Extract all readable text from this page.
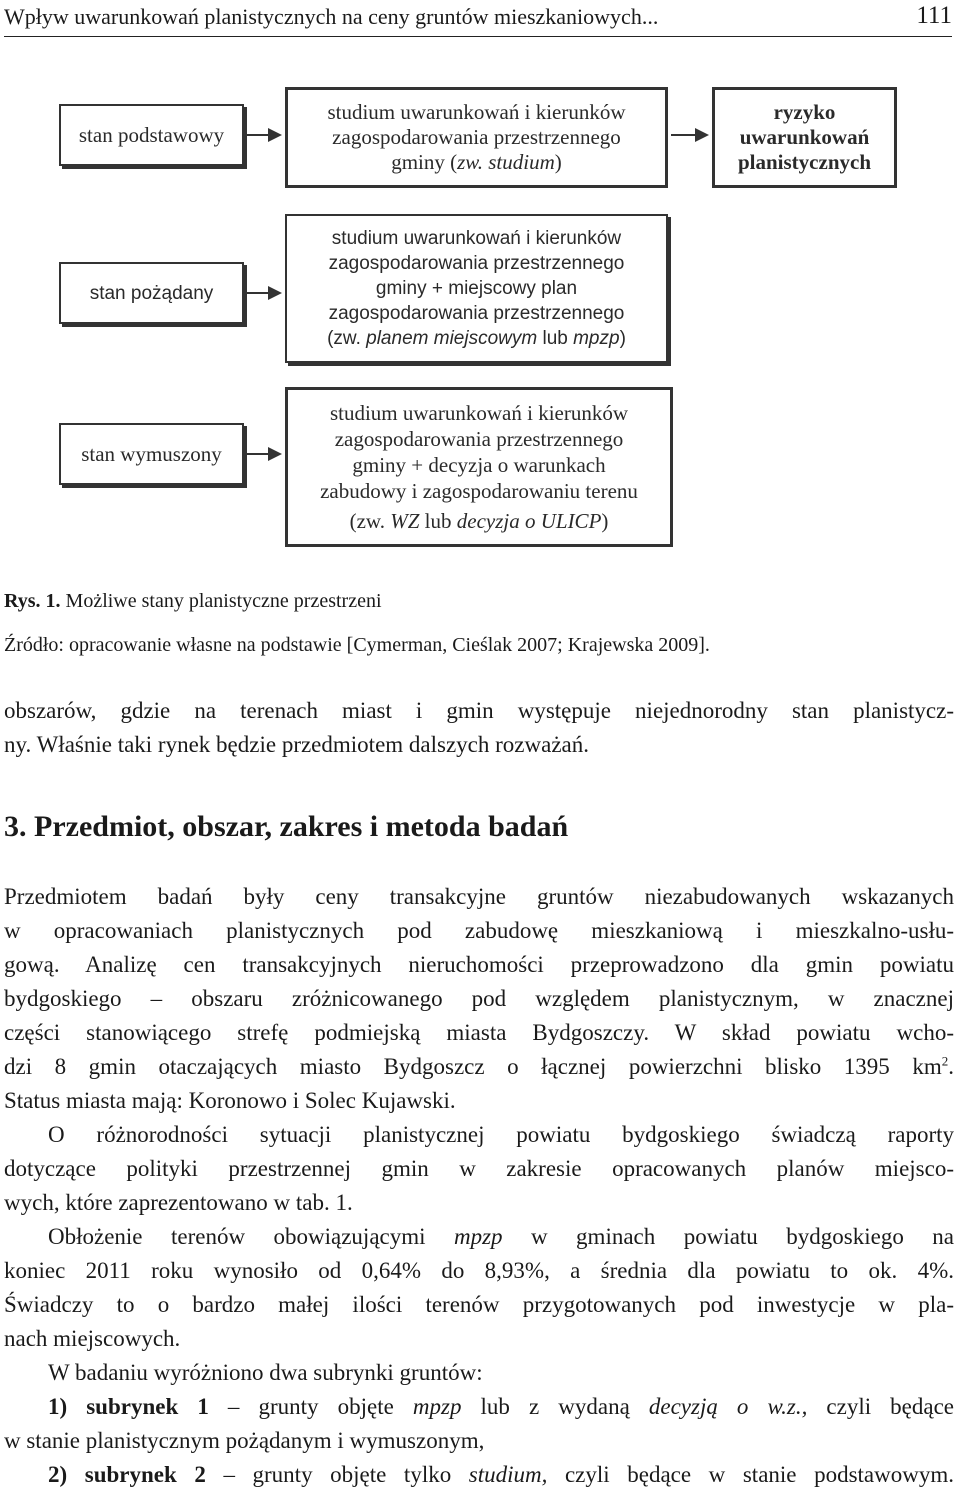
Wpływ uwarunkowań planistycznych na ceny gruntów mieszkaniowych...	111
stan podstawowy
studium uwarunkowań i kierunków
zagospodarowania przestrzennego
gminy (zw. studium)
ryzyko
uwarunkowań
planistycznych
stan pożądany
studium uwarunkowań i kierunków
zagospodarowania przestrzennego
gminy + miejscowy plan
zagospodarowania przestrzennego
(zw. planem miejscowym lub mpzp)
stan wymuszony
studium uwarunkowań i kierunków
zagospodarowania przestrzennego
gminy + decyzja o warunkach
zabudowy i zagospodarowaniu terenu
(zw. WZ lub decyzja o ULICP)
Rys. 1. Możliwe stany planistyczne przestrzeni
Źródło: opracowanie własne na podstawie [Cymerman, Cieślak 2007; Krajewska 2009].
obszarów, gdzie na terenach miast i gmin występuje niejednorodny stan planistycz-
ny. Właśnie taki rynek będzie przedmiotem dalszych rozważań.
3. Przedmiot, obszar, zakres i metoda badań
Przedmiotem badań były ceny transakcyjne gruntów niezabudowanych wskazanych
w opracowaniach planistycznych pod zabudowę mieszkaniową i mieszkalno-usłu-
gową. Analizę cen transakcyjnych nieruchomości przeprowadzono dla gmin powiatu
bydgoskiego – obszaru zróżnicowanego pod względem planistycznym, w znacznej
części stanowiącego strefę podmiejską miasta Bydgoszczy. W skład powiatu wcho-
dzi 8 gmin otaczających miasto Bydgoszcz o łącznej powierzchni blisko 1395 $km^2$.
Status miasta mają: Koronowo i Solec Kujawski.
O różnorodności sytuacji planistycznej powiatu bydgoskiego świadczą raporty
dotyczące polityki przestrzennej gmin w zakresie opracowanych planów miejsco-
wych, które zaprezentowano w tab. 1.
Obłożenie terenów obowiązującymi mpzp w gminach powiatu bydgoskiego na
koniec 2011 roku wynosiło od 0,64% do 8,93%, a średnia dla powiatu to ok. 4%.
Świadczy to o bardzo małej ilości terenów przygotowanych pod inwestycje w pla-
nach miejscowych.
W badaniu wyróżniono dwa subrynki gruntów:
1) subrynek 1 – grunty objęte mpzp lub z wydaną decyzją o w.z., czyli będące
w stanie planistycznym pożądanym i wymuszonym,
2) subrynek 2 – grunty objęte tylko studium, czyli będące w stanie podstawowym.
